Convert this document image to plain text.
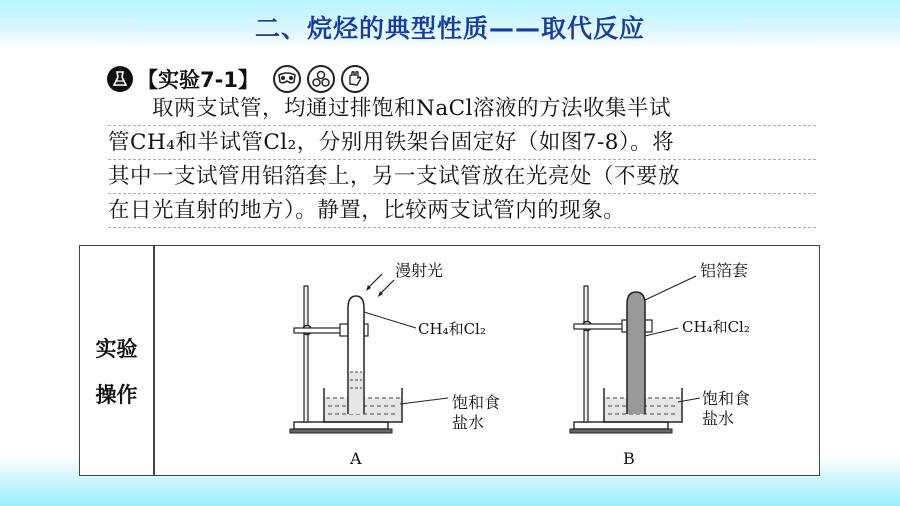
二、烷烃的典型性质——取代反应
【实验7-1】
取两支试管，均通过排饱和NaCl溶液的方法收集半试
管CH₄和半试管Cl₂，分别用铁架台固定好（如图7-8）。将
其中一支试管用铝箔套上，另一支试管放在光亮处（不要放
在日光直射的地方）。静置，比较两支试管内的现象。
实验
操作
漫射光
CH₄和Cl₂
饱和食
盐水
A
铝箔套
CH₄和Cl₂
饱和食
盐水
B
